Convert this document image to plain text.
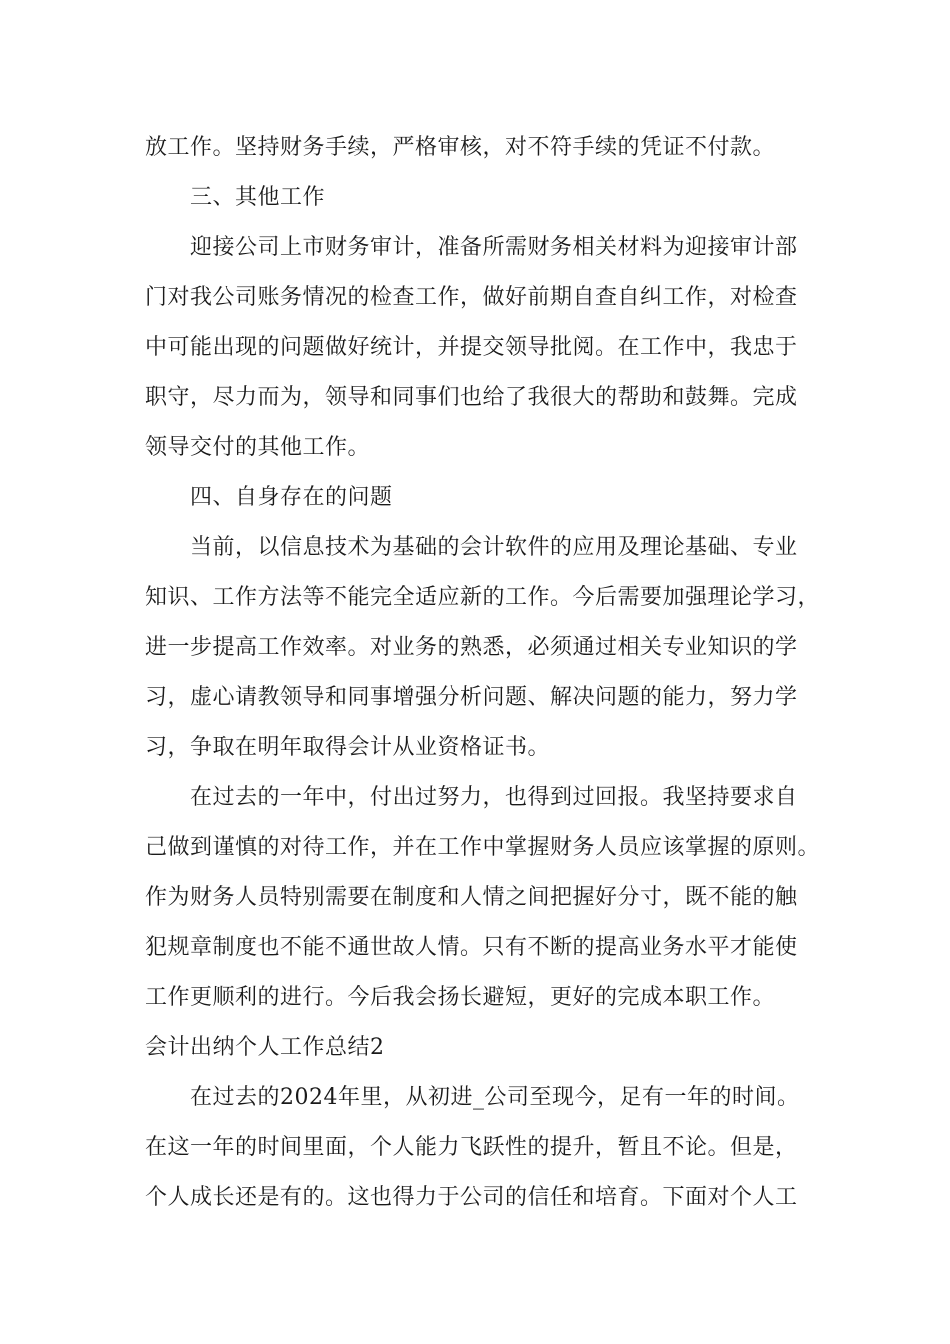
放工作。坚持财务手续，严格审核，对不符手续的凭证不付款。
三、其他工作
迎接公司上市财务审计，准备所需财务相关材料为迎接审计部
门对我公司账务情况的检查工作，做好前期自查自纠工作，对检查
中可能出现的问题做好统计，并提交领导批阅。在工作中，我忠于
职守，尽力而为，领导和同事们也给了我很大的帮助和鼓舞。完成
领导交付的其他工作。
四、自身存在的问题
当前，以信息技术为基础的会计软件的应用及理论基础、专业
知识、工作方法等不能完全适应新的工作。今后需要加强理论学习，
进一步提高工作效率。对业务的熟悉，必须通过相关专业知识的学
习，虚心请教领导和同事增强分析问题、解决问题的能力，努力学
习，争取在明年取得会计从业资格证书。
在过去的一年中，付出过努力，也得到过回报。我坚持要求自
己做到谨慎的对待工作，并在工作中掌握财务人员应该掌握的原则。
作为财务人员特别需要在制度和人情之间把握好分寸，既不能的触
犯规章制度也不能不通世故人情。只有不断的提高业务水平才能使
工作更顺利的进行。今后我会扬长避短，更好的完成本职工作。
会计出纳个人工作总结2
在过去的2024年里，从初进_公司至现今，足有一年的时间。
在这一年的时间里面，个人能力飞跃性的提升，暂且不论。但是，
个人成长还是有的。这也得力于公司的信任和培育。下面对个人工
